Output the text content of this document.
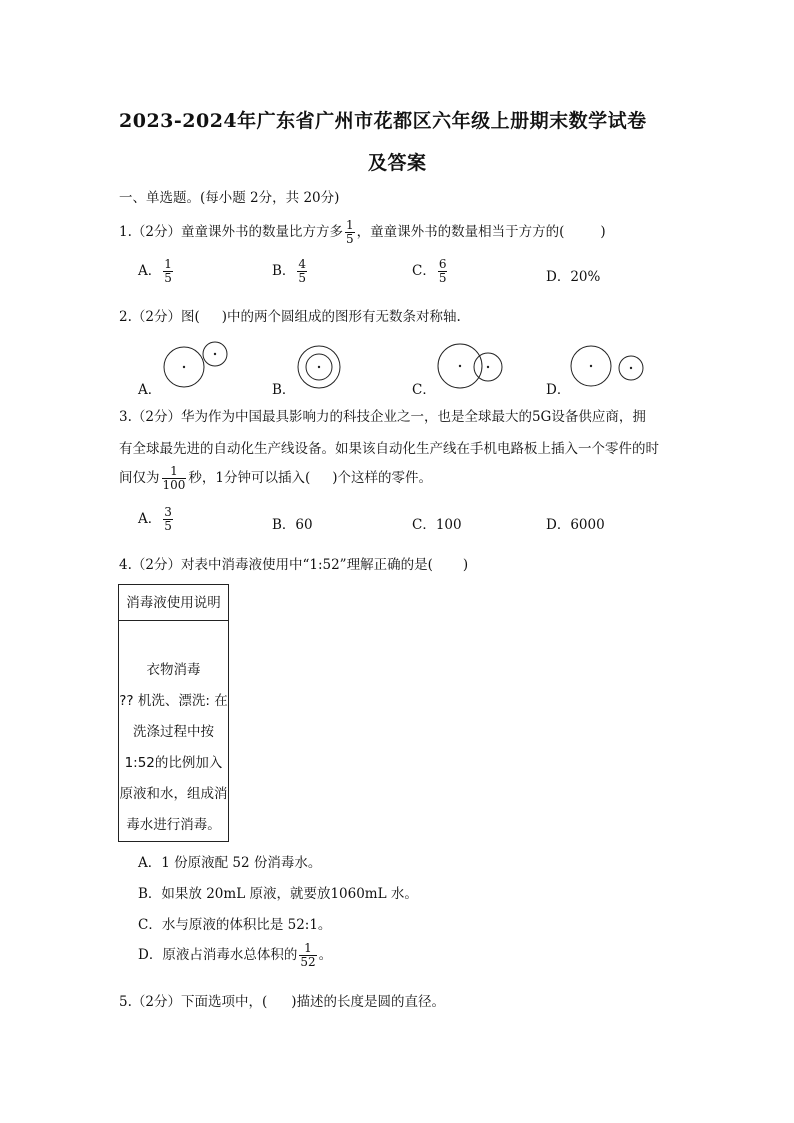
2023-2024年广东省广州市花都区六年级上册期末数学试卷
及答案
一、单选题。(每小题 2分，共 20分)
1.（2分）童童课外书的数量比方方多 $\frac{1}{5}$ ，童童课外书的数量相当于方方的(	)
A． $\frac{1}{5}$	B． $\frac{4}{5}$	C． $\frac{6}{5}$	D．20%
2.（2分）图( )中的两个圆组成的图形有无数条对称轴.
A．	B．	C．	D．
3.（2分）华为作为中国最具影响力的科技企业之一，也是全球最大的5G设备供应商，拥
有全球最先进的自动化生产线设备。如果该自动化生产线在手机电路板上插入一个零件的时
间仅为 $\frac{1}{100}$ 秒，1分钟可以插入( )个这样的零件。
A． $\frac{3}{5}$	B．60	C．100	D．6000
4.（2分）对表中消毒液使用中“1:52”理解正确的是( )
消毒液使用说明
衣物消毒
?? 机洗、漂洗: 在
洗涤过程中按
1:52的比例加入
原液和水，组成消
毒水进行消毒。
A．1 份原液配 52 份消毒水。
B．如果放 20mL 原液，就要放1060mL 水。
C．水与原液的体积比是 52:1。
D．原液占消毒水总体积的 $\frac{1}{52}$ 。
5.（2分）下面选项中，( )描述的长度是圆的直径。
